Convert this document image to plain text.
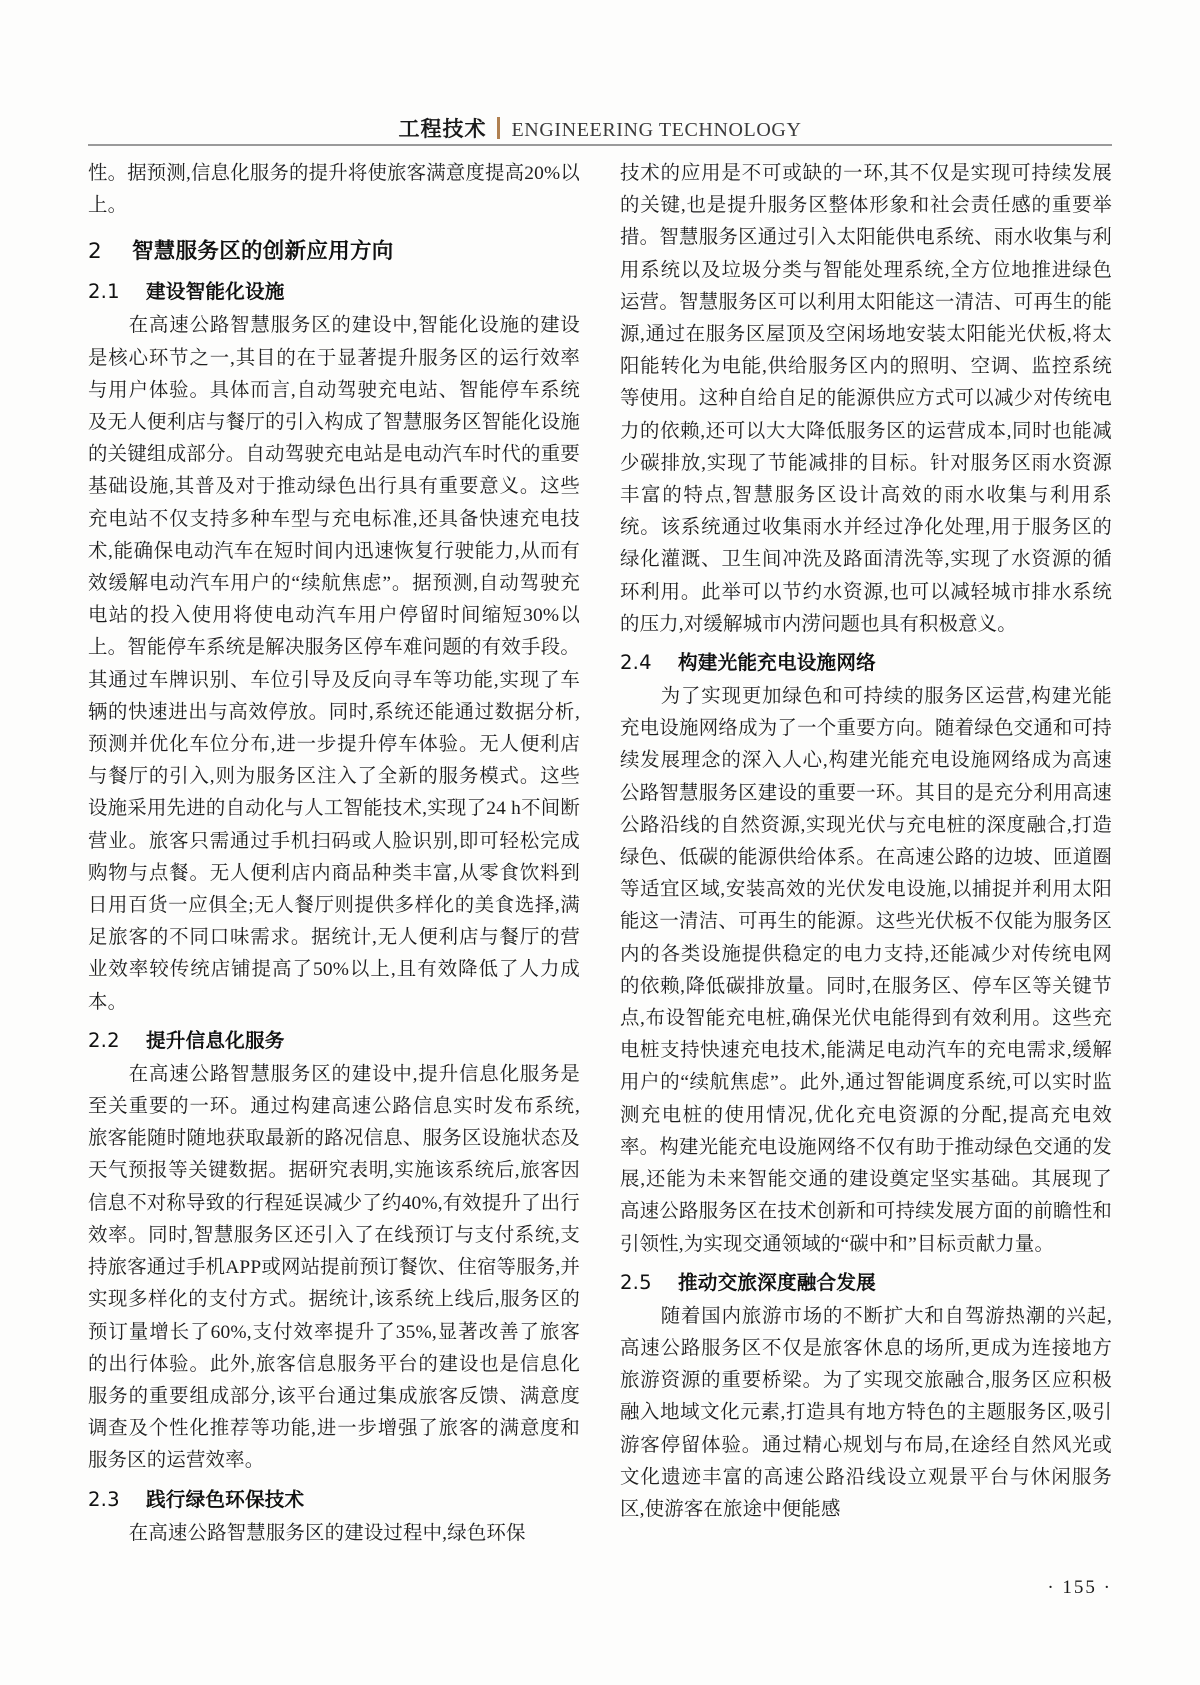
工程技术 ENGINEERING TECHNOLOGY

性。据预测,信息化服务的提升将使旅客满意度提高20%以上。

2	智慧服务区的创新应用方向
2.1	建设智能化设施

在高速公路智慧服务区的建设中,智能化设施的建设是核心环节之一,其目的在于显著提升服务区的运行效率与用户体验。具体而言,自动驾驶充电站、智能停车系统及无人便利店与餐厅的引入构成了智慧服务区智能化设施的关键组成部分。自动驾驶充电站是电动汽车时代的重要基础设施,其普及对于推动绿色出行具有重要意义。这些充电站不仅支持多种车型与充电标准,还具备快速充电技术,能确保电动汽车在短时间内迅速恢复行驶能力,从而有效缓解电动汽车用户的“续航焦虑”。据预测,自动驾驶充电站的投入使用将使电动汽车用户停留时间缩短30%以上。智能停车系统是解决服务区停车难问题的有效手段。其通过车牌识别、车位引导及反向寻车等功能,实现了车辆的快速进出与高效停放。同时,系统还能通过数据分析,预测并优化车位分布,进一步提升停车体验。无人便利店与餐厅的引入,则为服务区注入了全新的服务模式。这些设施采用先进的自动化与人工智能技术,实现了24 h不间断营业。旅客只需通过手机扫码或人脸识别,即可轻松完成购物与点餐。无人便利店内商品种类丰富,从零食饮料到日用百货一应俱全;无人餐厅则提供多样化的美食选择,满足旅客的不同口味需求。据统计,无人便利店与餐厅的营业效率较传统店铺提高了50%以上,且有效降低了人力成本。

2.2	提升信息化服务

在高速公路智慧服务区的建设中,提升信息化服务是至关重要的一环。通过构建高速公路信息实时发布系统,旅客能随时随地获取最新的路况信息、服务区设施状态及天气预报等关键数据。据研究表明,实施该系统后,旅客因信息不对称导致的行程延误减少了约40%,有效提升了出行效率。同时,智慧服务区还引入了在线预订与支付系统,支持旅客通过手机APP或网站提前预订餐饮、住宿等服务,并实现多样化的支付方式。据统计,该系统上线后,服务区的预订量增长了60%,支付效率提升了35%,显著改善了旅客的出行体验。此外,旅客信息服务平台的建设也是信息化服务的重要组成部分,该平台通过集成旅客反馈、满意度调查及个性化推荐等功能,进一步增强了旅客的满意度和服务区的运营效率。

2.3	践行绿色环保技术

在高速公路智慧服务区的建设过程中,绿色环保

技术的应用是不可或缺的一环,其不仅是实现可持续发展的关键,也是提升服务区整体形象和社会责任感的重要举措。智慧服务区通过引入太阳能供电系统、雨水收集与利用系统以及垃圾分类与智能处理系统,全方位地推进绿色运营。智慧服务区可以利用太阳能这一清洁、可再生的能源,通过在服务区屋顶及空闲场地安装太阳能光伏板,将太阳能转化为电能,供给服务区内的照明、空调、监控系统等使用。这种自给自足的能源供应方式可以减少对传统电力的依赖,还可以大大降低服务区的运营成本,同时也能减少碳排放,实现了节能减排的目标。针对服务区雨水资源丰富的特点,智慧服务区设计高效的雨水收集与利用系统。该系统通过收集雨水并经过净化处理,用于服务区的绿化灌溉、卫生间冲洗及路面清洗等,实现了水资源的循环利用。此举可以节约水资源,也可以减轻城市排水系统的压力,对缓解城市内涝问题也具有积极意义。

2.4	构建光能充电设施网络

为了实现更加绿色和可持续的服务区运营,构建光能充电设施网络成为了一个重要方向。随着绿色交通和可持续发展理念的深入人心,构建光能充电设施网络成为高速公路智慧服务区建设的重要一环。其目的是充分利用高速公路沿线的自然资源,实现光伏与充电桩的深度融合,打造绿色、低碳的能源供给体系。在高速公路的边坡、匝道圈等适宜区域,安装高效的光伏发电设施,以捕捉并利用太阳能这一清洁、可再生的能源。这些光伏板不仅能为服务区内的各类设施提供稳定的电力支持,还能减少对传统电网的依赖,降低碳排放量。同时,在服务区、停车区等关键节点,布设智能充电桩,确保光伏电能得到有效利用。这些充电桩支持快速充电技术,能满足电动汽车的充电需求,缓解用户的“续航焦虑”。此外,通过智能调度系统,可以实时监测充电桩的使用情况,优化充电资源的分配,提高充电效率。构建光能充电设施网络不仅有助于推动绿色交通的发展,还能为未来智能交通的建设奠定坚实基础。其展现了高速公路服务区在技术创新和可持续发展方面的前瞻性和引领性,为实现交通领域的“碳中和”目标贡献力量。

2.5	推动交旅深度融合发展

随着国内旅游市场的不断扩大和自驾游热潮的兴起,高速公路服务区不仅是旅客休息的场所,更成为连接地方旅游资源的重要桥梁。为了实现交旅融合,服务区应积极融入地域文化元素,打造具有地方特色的主题服务区,吸引游客停留体验。通过精心规划与布局,在途经自然风光或文化遗迹丰富的高速公路沿线设立观景平台与休闲服务区,使游客在旅途中便能感

· 155 ·
